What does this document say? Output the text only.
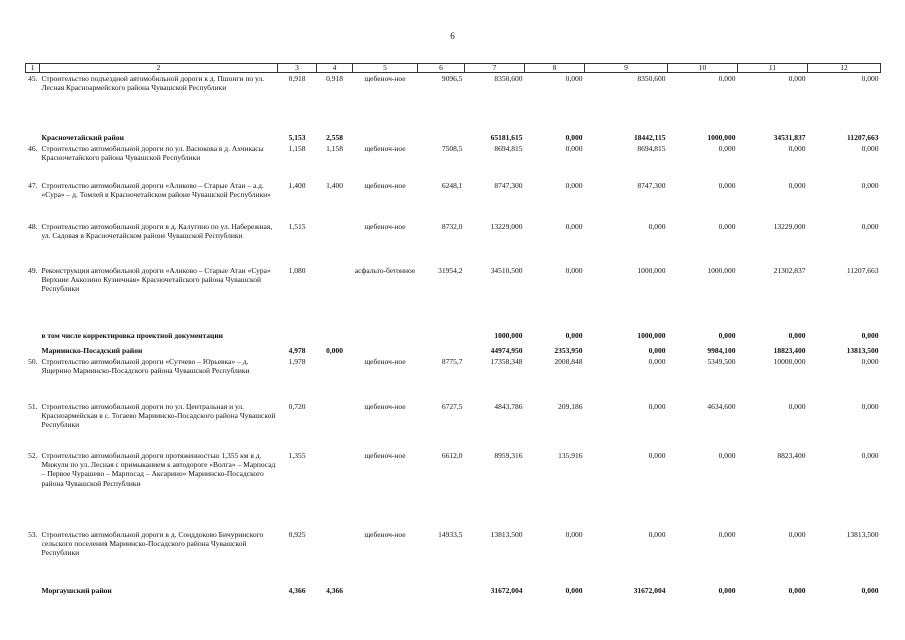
6
1	2	3	4	5	6	7	8	9	10	11	12
45.	Строительство подъездной автомобильной дороги к д. Пшонги по ул. Лесная Красноармейского района Чувашской Республики	0,918	0,918	щебеноч-ное	9096,5	8350,600	0,000	8350,600	0,000	0,000	0,000
	Красночетайский район	5,153	2,558			65181,615	0,000	18442,115	1000,000	34531,837	11207,663
46.	Строительство автомобильной дороги по ул. Васюкова в д. Ахчикасы Красночетайского района Чувашской Республики	1,158	1,158	щебеноч-ное	7508,5	8694,815	0,000	8694,815	0,000	0,000	0,000
47.	Строительство автомобильной дороги «Аликово – Старые Атаи – а.д. «Сура» – д. Томлей в Красночетайском районе Чувашской Республики»	1,400	1,400	щебеноч-ное	6248,1	8747,300	0,000	8747,300	0,000	0,000	0,000
48.	Строительство автомобильной дороги в д. Калугино по ул. Набережная, ул. Садовая в Красночетайском районе Чувашской Республики	1,515		щебеноч-ное	8732,0	13229,000	0,000	0,000	0,000	13229,000	0,000
49.	Реконструкция автомобильной дороги «Аликово – Старые Атаи «Сура» Верхние Аккозино Кузнечная» Красночетайского района Чувашской Республики	1,080		асфальто-бетонное	31954,2	34510,500	0,000	1000,000	1000,000	21302,837	11207,663
	в том числе корректировка проектной документации					1000,000	0,000	1000,000	0,000	0,000	0,000
	Мариинско-Посадский район	4,978	0,000			44974,950	2353,950	0,000	9984,100	18823,400	13813,500
50.	Строительство автомобильной дороги «Сутчево – Юрьевка» – д. Ящерино Мариинско-Посадского района Чувашской Республики	1,978		щебеноч-ное	8775,7	17358,348	2008,848	0,000	5349,500	10000,000	0,000
51.	Строительство автомобильной дороги по ул. Центральная и ул. Красноармейская в с. Тогаево Мариинско-Посадского района Чувашской Республики	0,720		щебеноч-ное	6727,5	4843,786	209,186	0,000	4634,600	0,000	0,000
52.	Строительство автомобильной дороги протяженностью 1,355 км в д. Мижули по ул. Лесная с примыканием к автодороге «Волга» – Марпосад – Первое Чурашево – Марпосад – Аксарино» Мариинско-Посадского района Чувашской Республики	1,355		щебеноч-ное	6612,0	8959,316	135,916	0,000	0,000	8823,400	0,000
53.	Строительство автомобильной дороги в д. Сонддоково Бичуринского сельского поселения Мариинско-Посадского района Чувашской Республики	0,925		щебеноч-ное	14933,5	13813,500	0,000	0,000	0,000	0,000	13813,500
	Моргаушский район	4,366	4,366			31672,004	0,000	31672,004	0,000	0,000	0,000
